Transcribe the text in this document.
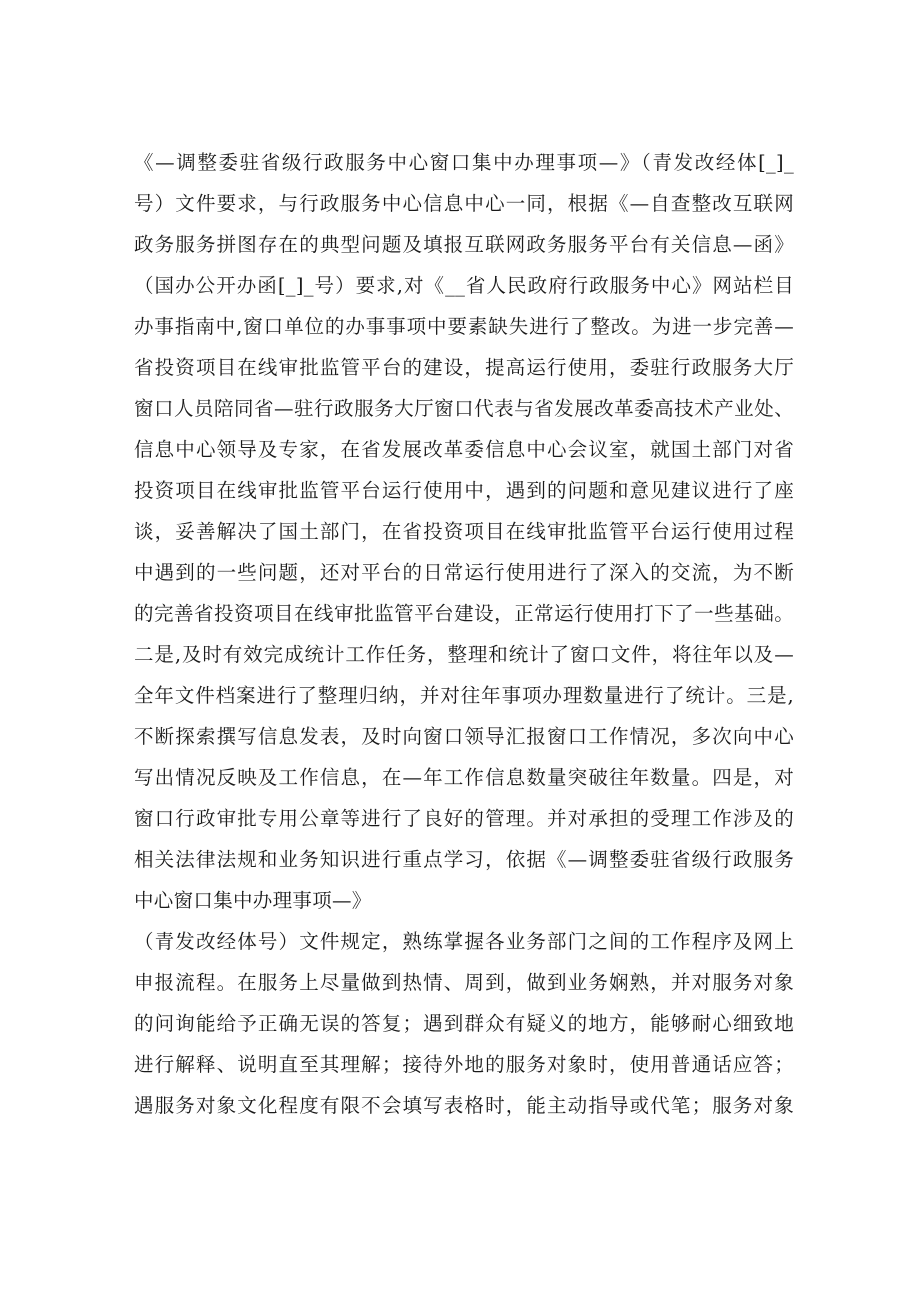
《—调整委驻省级行政服务中心窗口集中办理事项—》（青发改经体[_]_
号）文件要求，与行政服务中心信息中心一同，根据《—自查整改互联网
政务服务拼图存在的典型问题及填报互联网政务服务平台有关信息—函》
（国办公开办函[_]_号）要求,对《__省人民政府行政服务中心》网站栏目
办事指南中,窗口单位的办事事项中要素缺失进行了整改。为进一步完善—
省投资项目在线审批监管平台的建设，提高运行使用，委驻行政服务大厅
窗口人员陪同省—驻行政服务大厅窗口代表与省发展改革委高技术产业处、
信息中心领导及专家，在省发展改革委信息中心会议室，就国土部门对省
投资项目在线审批监管平台运行使用中，遇到的问题和意见建议进行了座
谈，妥善解决了国土部门，在省投资项目在线审批监管平台运行使用过程
中遇到的一些问题，还对平台的日常运行使用进行了深入的交流，为不断
的完善省投资项目在线审批监管平台建设，正常运行使用打下了一些基础。
二是,及时有效完成统计工作任务，整理和统计了窗口文件，将往年以及—
全年文件档案进行了整理归纳，并对往年事项办理数量进行了统计。三是,
不断探索撰写信息发表，及时向窗口领导汇报窗口工作情况，多次向中心
写出情况反映及工作信息，在—年工作信息数量突破往年数量。四是，对
窗口行政审批专用公章等进行了良好的管理。并对承担的受理工作涉及的
相关法律法规和业务知识进行重点学习，依据《—调整委驻省级行政服务
中心窗口集中办理事项—》
（青发改经体号）文件规定，熟练掌握各业务部门之间的工作程序及网上
申报流程。在服务上尽量做到热情、周到，做到业务娴熟，并对服务对象
的问询能给予正确无误的答复；遇到群众有疑义的地方，能够耐心细致地
进行解释、说明直至其理解；接待外地的服务对象时，使用普通话应答；
遇服务对象文化程度有限不会填写表格时，能主动指导或代笔；服务对象
